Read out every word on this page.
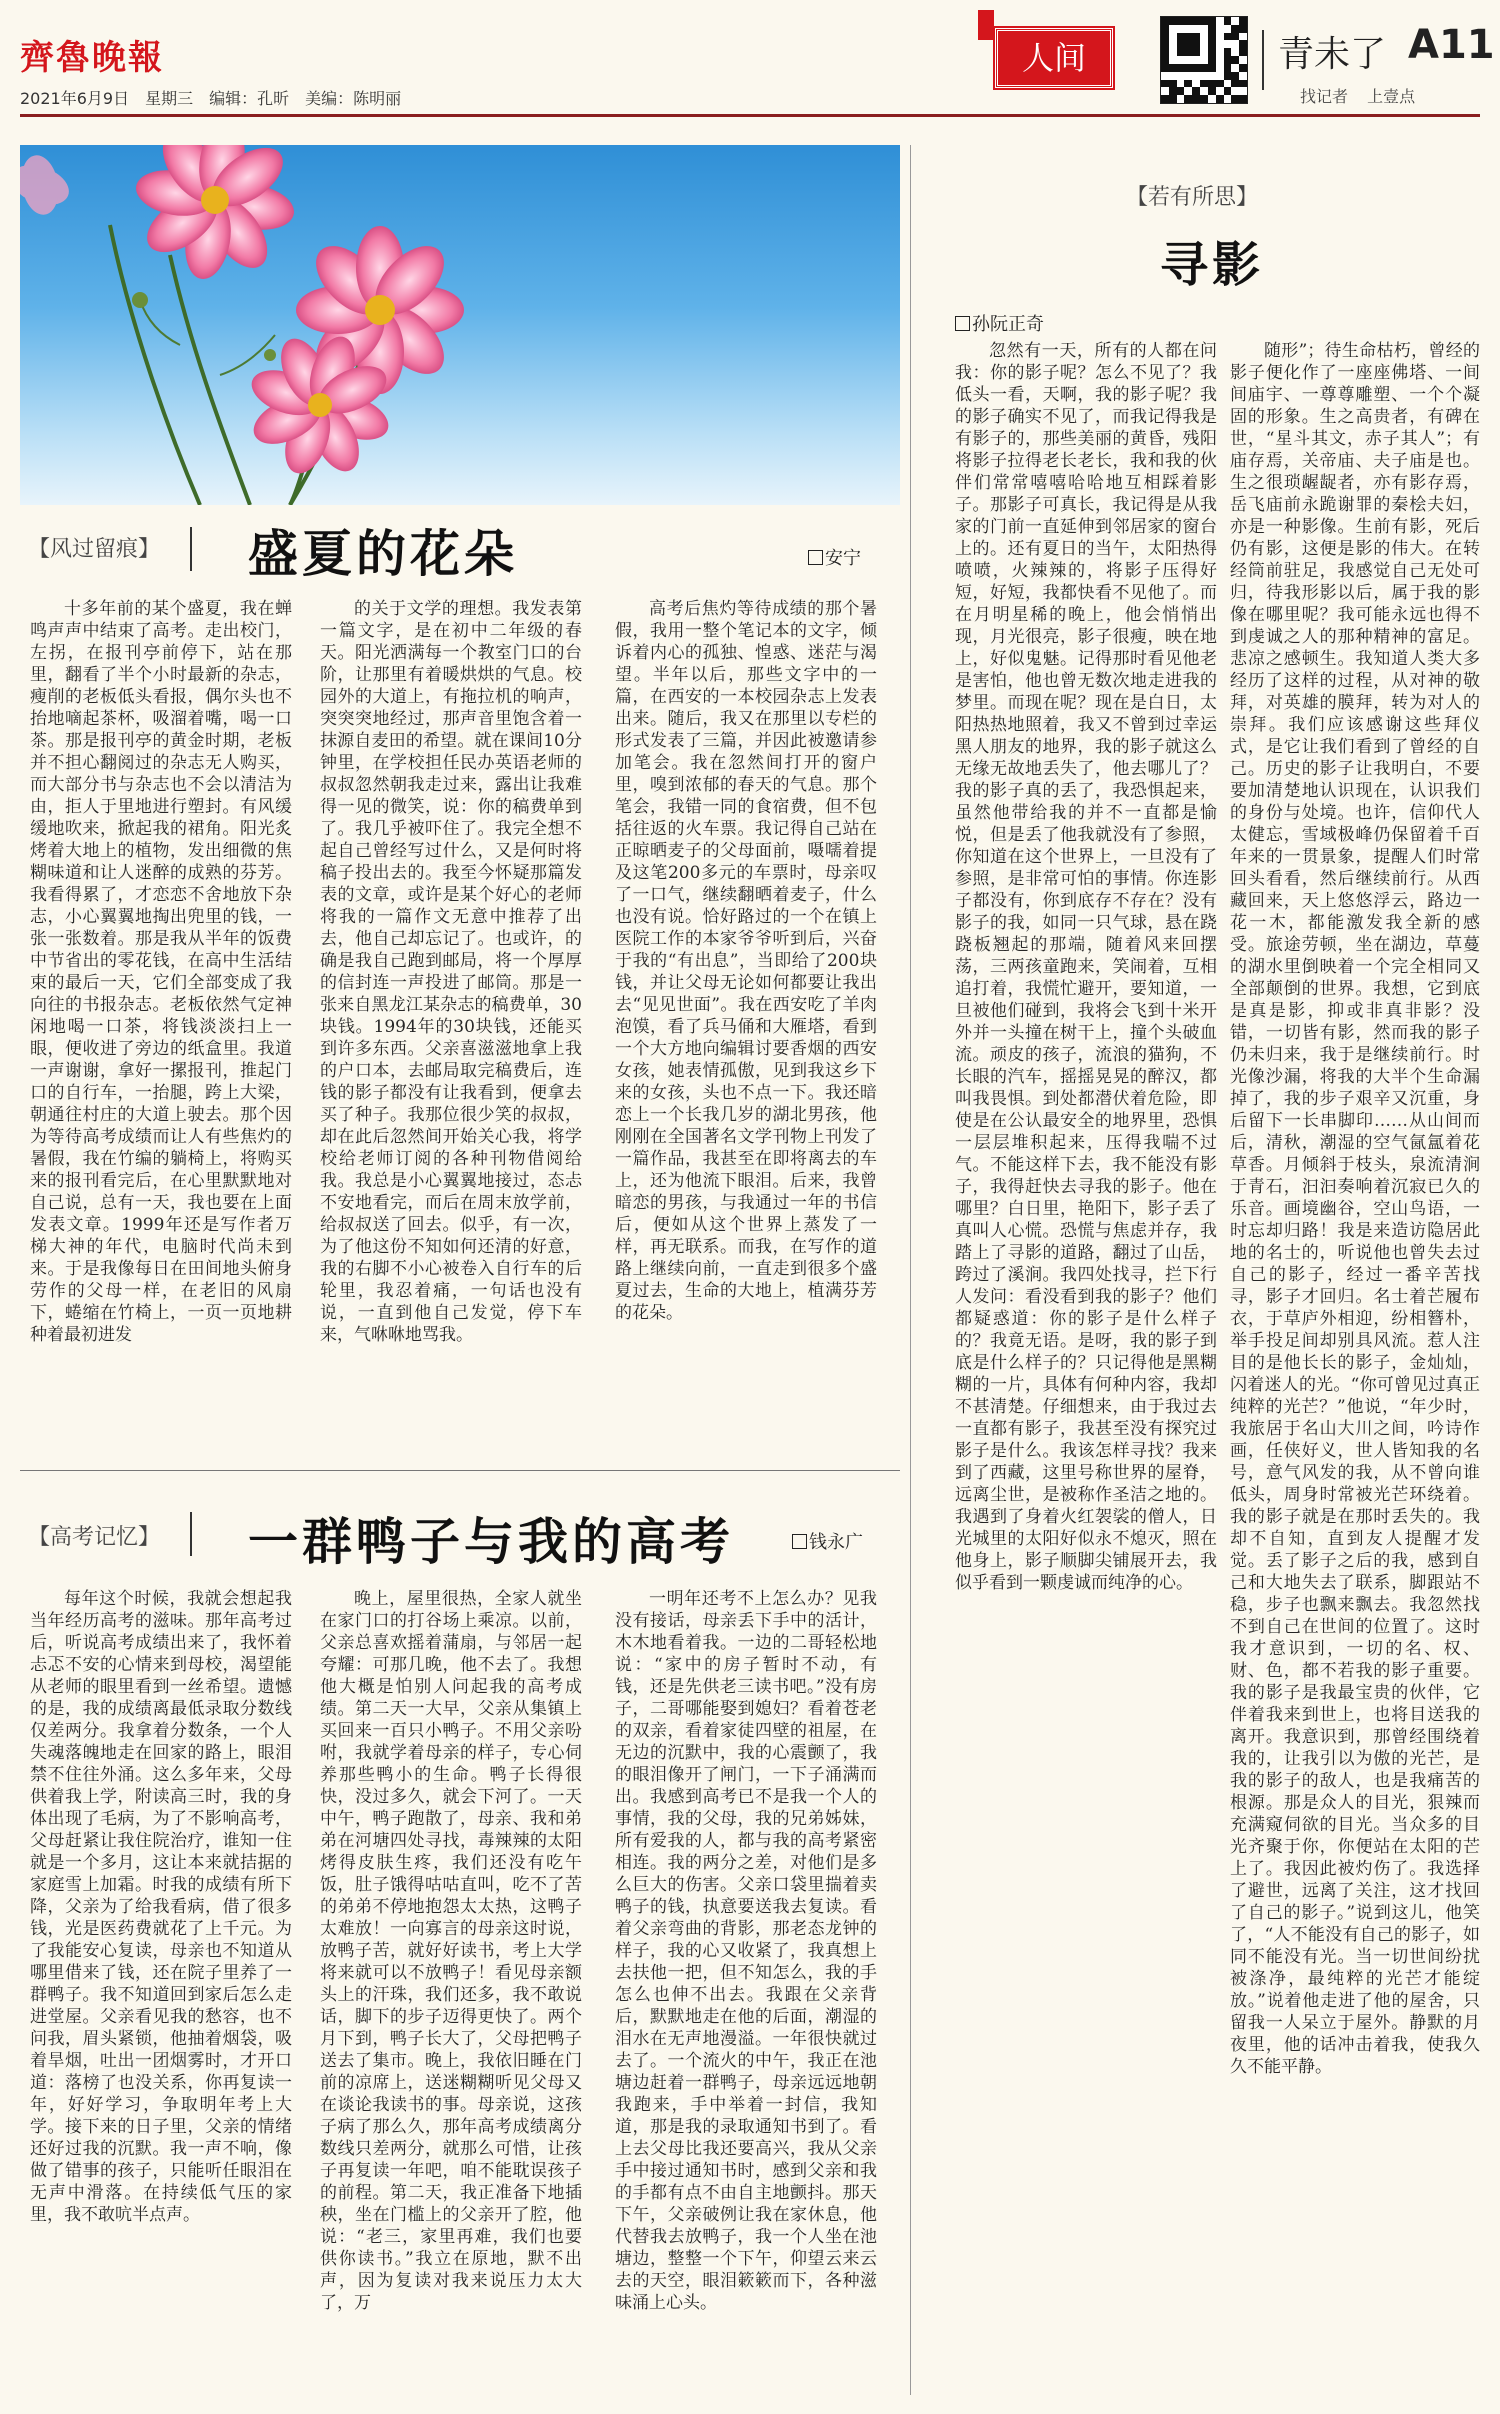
齊魯晚報
2021年6月9日　星期三　编辑：孔昕　美编：陈明丽
人间	青未了 A11
找记者 上壹点
【风过留痕】 盛夏的花朵	安宁

十多年前的某个盛夏，我在蝉鸣声声中结束了高考。走出校门，左拐，在报刊亭前停下，站在那里，翻看了半个小时最新的杂志，瘦削的老板低头看报，偶尔头也不抬地嘀起茶杯，吸溜着嘴，喝一口茶。那是报刊亭的黄金时期，老板并不担心翻阅过的杂志无人购买，而大部分书与杂志也不会以清洁为由，拒人于里地进行塑封。有风缓缓地吹来，掀起我的裙角。阳光炙烤着大地上的植物，发出细微的焦糊味道和让人迷醉的成熟的芬芳。我看得累了，才恋恋不舍地放下杂志，小心翼翼地掏出兜里的钱，一张一张数着。那是我从半年的饭费中节省出的零花钱，在高中生活结束的最后一天，它们全部变成了我向往的书报杂志。老板依然气定神闲地喝一口茶，将钱淡淡扫上一眼，便收进了旁边的纸盒里。我道一声谢谢，拿好一摞报刊，推起门口的自行车，一抬腿，跨上大梁，朝通往村庄的大道上驶去。那个因为等待高考成绩而让人有些焦灼的暑假，我在竹编的躺椅上，将购买来的报刊看完后，在心里默默地对自己说，总有一天，我也要在上面发表文章。1999年还是写作者万梯大神的年代，电脑时代尚未到来。于是我像每日在田间地头俯身劳作的父母一样，在老旧的风扇下，蜷缩在竹椅上，一页一页地耕种着最初进发

的关于文学的理想。我发表第一篇文字，是在初中二年级的春天。阳光洒满每一个教室门口的台阶，让那里有着暖烘烘的气息。校园外的大道上，有拖拉机的响声，突突突地经过，那声音里饱含着一抹源自麦田的希望。就在课间10分钟里，在学校担任民办英语老师的叔叔忽然朝我走过来，露出让我难得一见的微笑，说：你的稿费单到了。我几乎被吓住了。我完全想不起自己曾经写过什么，又是何时将稿子投出去的。我至今怀疑那篇发表的文章，或许是某个好心的老师将我的一篇作文无意中推荐了出去，他自己却忘记了。也或许，的确是我自己跑到邮局，将一个厚厚的信封连一声投进了邮筒。那是一张来自黑龙江某杂志的稿费单，30块钱。1994年的30块钱，还能买到许多东西。父亲喜滋滋地拿上我的户口本，去邮局取完稿费后，连钱的影子都没有让我看到，便拿去买了种子。我那位很少笑的叔叔，却在此后忽然间开始关心我，将学校给老师订阅的各种刊物借阅给我。我总是小心翼翼地接过，态忐不安地看完，而后在周末放学前，给叔叔送了回去。似乎，有一次，为了他这份不知如何还清的好意，我的右脚不小心被卷入自行车的后轮里，我忍着痛，一句话也没有说，一直到他自己发觉，停下车来，气咻咻地骂我。

高考后焦灼等待成绩的那个暑假，我用一整个笔记本的文字，倾诉着内心的孤独、惶惑、迷茫与渴望。半年以后，那些文字中的一篇，在西安的一本校园杂志上发表出来。随后，我又在那里以专栏的形式发表了三篇，并因此被邀请参加笔会。我在忽然间打开的窗户里，嗅到浓郁的春天的气息。那个笔会，我错一同的食宿费，但不包括往返的火车票。我记得自己站在正晾晒麦子的父母面前，嗫嚅着提及这笔200多元的车票时，母亲叹了一口气，继续翻晒着麦子，什么也没有说。恰好路过的一个在镇上医院工作的本家爷爷听到后，兴奋于我的“有出息”，当即给了200块钱，并让父母无论如何都要让我出去“见见世面”。我在西安吃了羊肉泡馍，看了兵马俑和大雁塔，看到一个大方地向编辑讨要香烟的西安女孩，她表情孤傲，见到我这乡下来的女孩，头也不点一下。我还暗恋上一个长我几岁的湖北男孩，他刚刚在全国著名文学刊物上刊发了一篇作品，我甚至在即将离去的车上，还为他流下眼泪。后来，我曾暗恋的男孩，与我通过一年的书信后，便如从这个世界上蒸发了一样，再无联系。而我，在写作的道路上继续向前，一直走到很多个盛夏过去，生命的大地上，植满芬芳的花朵。

【高考记忆】 一群鸭子与我的高考	钱永广

每年这个时候，我就会想起我当年经历高考的滋味。那年高考过后，听说高考成绩出来了，我怀着忐忑不安的心情来到母校，渴望能从老师的眼里看到一丝希望。遗憾的是，我的成绩离最低录取分数线仅差两分。我拿着分数条，一个人失魂落魄地走在回家的路上，眼泪禁不住往外涌。这么多年来，父母供着我上学，附读高三时，我的身体出现了毛病，为了不影响高考，父母赶紧让我住院治疗，谁知一住就是一个多月，这让本来就拮据的家庭雪上加霜。时我的成绩有所下降，父亲为了给我看病，借了很多钱，光是医药费就花了上千元。为了我能安心复读，母亲也不知道从哪里借来了钱，还在院子里养了一群鸭子。我不知道回到家后怎么走进堂屋。父亲看见我的愁容，也不问我，眉头紧锁，他抽着烟袋，吸着旱烟，吐出一团烟雾时，才开口道：落榜了也没关系，你再复读一年，好好学习，争取明年考上大学。接下来的日子里，父亲的情绪还好过我的沉默。我一声不响，像做了错事的孩子，只能听任眼泪在无声中滑落。在持续低气压的家里，我不敢吭半点声。

晚上，屋里很热，全家人就坐在家门口的打谷场上乘凉。以前，父亲总喜欢摇着蒲扇，与邻居一起夸耀：可那几晚，他不去了。我想他大概是怕别人问起我的高考成绩。第二天一大早，父亲从集镇上买回来一百只小鸭子。不用父亲吩咐，我就学着母亲的样子，专心伺养那些鸭小的生命。鸭子长得很快，没过多久，就会下河了。一天中午，鸭子跑散了，母亲、我和弟弟在河塘四处寻找，毒辣辣的太阳烤得皮肤生疼，我们还没有吃午饭，肚子饿得咕咕直叫，吃不了苦的弟弟不停地抱怨太太热，这鸭子太难放！一向寡言的母亲这时说，放鸭子苦，就好好读书，考上大学将来就可以不放鸭子！看见母亲额头上的汗珠，我们还多，我不敢说话，脚下的步子迈得更快了。两个月下到，鸭子长大了，父母把鸭子送去了集市。晚上，我依旧睡在门前的凉席上，送迷糊糊听见父母又在谈论我读书的事。母亲说，这孩子病了那么久，那年高考成绩离分数线只差两分，就那么可惜，让孩子再复读一年吧，咱不能耽误孩子的前程。第二天，我正准备下地插秧，坐在门槛上的父亲开了腔，他说：“老三，家里再难，我们也要供你读书。”我立在原地，默不出声，因为复读对我来说压力太大了，万

一明年还考不上怎么办？见我没有接话，母亲丢下手中的活计，木木地看着我。一边的二哥轻松地说：“家中的房子暂时不动，有钱，还是先供老三读书吧。”没有房子，二哥哪能娶到媳妇？看着苍老的双亲，看着家徒四壁的祖屋，在无边的沉默中，我的心震颤了，我的眼泪像开了闸门，一下子涌满而出。我感到高考已不是我一个人的事情，我的父母，我的兄弟姊妹，所有爱我的人，都与我的高考紧密相连。我的两分之差，对他们是多么巨大的伤害。父亲口袋里揣着卖鸭子的钱，执意要送我去复读。看着父亲弯曲的背影，那老态龙钟的样子，我的心又收紧了，我真想上去扶他一把，但不知怎么，我的手怎么也伸不出去。我跟在父亲背后，默默地走在他的后面，潮湿的泪水在无声地漫溢。一年很快就过去了。一个流火的中午，我正在池塘边赶着一群鸭子，母亲远远地朝我跑来，手中举着一封信，我知道，那是我的录取通知书到了。看上去父母比我还要高兴，我从父亲手中接过通知书时，感到父亲和我的手都有点不由自主地颤抖。那天下午，父亲破例让我在家休息，他代替我去放鸭子，我一个人坐在池塘边，整整一个下午，仰望云来云去的天空，眼泪簌簌而下，各种滋味涌上心头。

【若有所思】
寻影
孙阮正奇

忽然有一天，所有的人都在问我：你的影子呢？怎么不见了？我低头一看，天啊，我的影子呢？我的影子确实不见了，而我记得我是有影子的，那些美丽的黄昏，残阳将影子拉得老长老长，我和我的伙伴们常常嘻嘻哈哈地互相踩着影子。那影子可真长，我记得是从我家的门前一直延伸到邻居家的窗台上的。还有夏日的当午，太阳热得喷喷，火辣辣的，将影子压得好短，好短，我都快看不见他了。而在月明星稀的晚上，他会悄悄出现，月光很亮，影子很瘦，映在地上，好似鬼魅。记得那时看见他老是害怕，他也曾无数次地走进我的梦里。而现在呢？现在是白日，太阳热热地照着，我又不曾到过幸运黑人朋友的地界，我的影子就这么无缘无故地丢失了，他去哪儿了？我的影子真的丢了，我恐惧起来，虽然他带给我的并不一直都是愉悦，但是丢了他我就没有了参照，你知道在这个世界上，一旦没有了参照，是非常可怕的事情。你连影子都没有，你到底存不存在？没有影子的我，如同一只气球，悬在跷跷板翘起的那端，随着风来回摆荡，三两孩童跑来，笑闹着，互相追打着，我慌忙避开，要知道，一旦被他们碰到，我将会飞到十米开外并一头撞在树干上，撞个头破血流。顽皮的孩子，流浪的猫狗，不长眼的汽车，摇摇晃晃的醉汉，都叫我畏惧。到处都潜伏着危险，即使是在公认最安全的地界里，恐惧一层层堆积起来，压得我喘不过气。不能这样下去，我不能没有影子，我得赶快去寻我的影子。他在哪里？白日里，艳阳下，影子丢了真叫人心慌。恐慌与焦虑并存，我踏上了寻影的道路，翻过了山岳，跨过了溪涧。我四处找寻，拦下行人发问：看没看到我的影子？他们都疑惑道：你的影子是什么样子的？我竟无语。是呀，我的影子到底是什么样子的？只记得他是黑糊糊的一片，具体有何种内容，我却不甚清楚。仔细想来，由于我过去一直都有影子，我甚至没有探究过影子是什么。我该怎样寻找？我来到了西藏，这里号称世界的屋脊，远离尘世，是被称作圣洁之地的。我遇到了身着火红袈裟的僧人，日光城里的太阳好似永不熄灭，照在他身上，影子顺脚尖铺展开去，我似乎看到一颗虔诚而纯净的心。

随形”；待生命枯朽，曾经的影子便化作了一座座佛塔、一间间庙宇、一尊尊雕塑、一个个凝固的形象。生之高贵者，有碑在世，“星斗其文，赤子其人”；有庙存焉，关帝庙、夫子庙是也。生之很琐龌龊者，亦有影存焉，岳飞庙前永跪谢罪的秦桧夫妇，亦是一种影像。生前有影，死后仍有影，这便是影的伟大。在转经筒前驻足，我感觉自己无处可归，待我形影以后，属于我的影像在哪里呢？我可能永远也得不到虔诚之人的那种精神的富足。悲凉之感顿生。我知道人类大多经历了这样的过程，从对神的敬拜，对英雄的膜拜，转为对人的崇拜。我们应该感谢这些拜仪式，是它让我们看到了曾经的自己。历史的影子让我明白，不要要加清楚地认识现在，认识我们的身份与处境。也许，信仰代人太健忘，雪域极峰仍保留着千百年来的一贯景象，提醒人们时常回头看看，然后继续前行。从西藏回来，天上悠悠浮云，路边一花一木，都能激发我全新的感受。旅途劳顿，坐在湖边，草蔓的湖水里倒映着一个完全相同又全部颠倒的世界。我想，它到底是真是影，抑或非真非影？没错，一切皆有影，然而我的影子仍未归来，我于是继续前行。时光像沙漏，将我的大半个生命漏掉了，我的步子艰辛又沉重，身后留下一长串脚印……从山间而后，清秋，潮湿的空气氤氲着花草香。月倾斜于枝头，泉流清涧于青石，汩汩奏响着沉寂已久的乐音。画境幽谷，空山鸟语，一时忘却归路！我是来造访隐居此地的名士的，听说他也曾失去过自己的影子，经过一番辛苦找寻，影子才回归。名士着芒履布衣，于草庐外相迎，纷相簪朴，举手投足间却别具风流。惹人注目的是他长长的影子，金灿灿，闪着迷人的光。“你可曾见过真正纯粹的光芒？”他说，“年少时，我旅居于名山大川之间，吟诗作画，任侠好义，世人皆知我的名号，意气风发的我，从不曾向谁低头，周身时常被光芒环绕着。我的影子就是在那时丢失的。我却不自知，直到友人提醒才发觉。丢了影子之后的我，感到自己和大地失去了联系，脚跟站不稳，步子也飘来飘去。我忽然找不到自己在世间的位置了。这时我才意识到，一切的名、权、财、色，都不若我的影子重要。我的影子是我最宝贵的伙伴，它伴着我来到世上，也将目送我的离开。我意识到，那曾经围绕着我的，让我引以为傲的光芒，是我的影子的敌人，也是我痛苦的根源。那是众人的目光，狠辣而充满窥伺欲的目光。当众多的目光齐聚于你，你便站在太阳的芒上了。我因此被灼伤了。我选择了避世，远离了关注，这才找回了自己的影子。”说到这儿，他笑了，“人不能没有自己的影子，如同不能没有光。当一切世间纷扰被涤净，最纯粹的光芒才能绽放。”说着他走进了他的屋舍，只留我一人呆立于屋外。静默的月夜里，他的话冲击着我，使我久久不能平静。
